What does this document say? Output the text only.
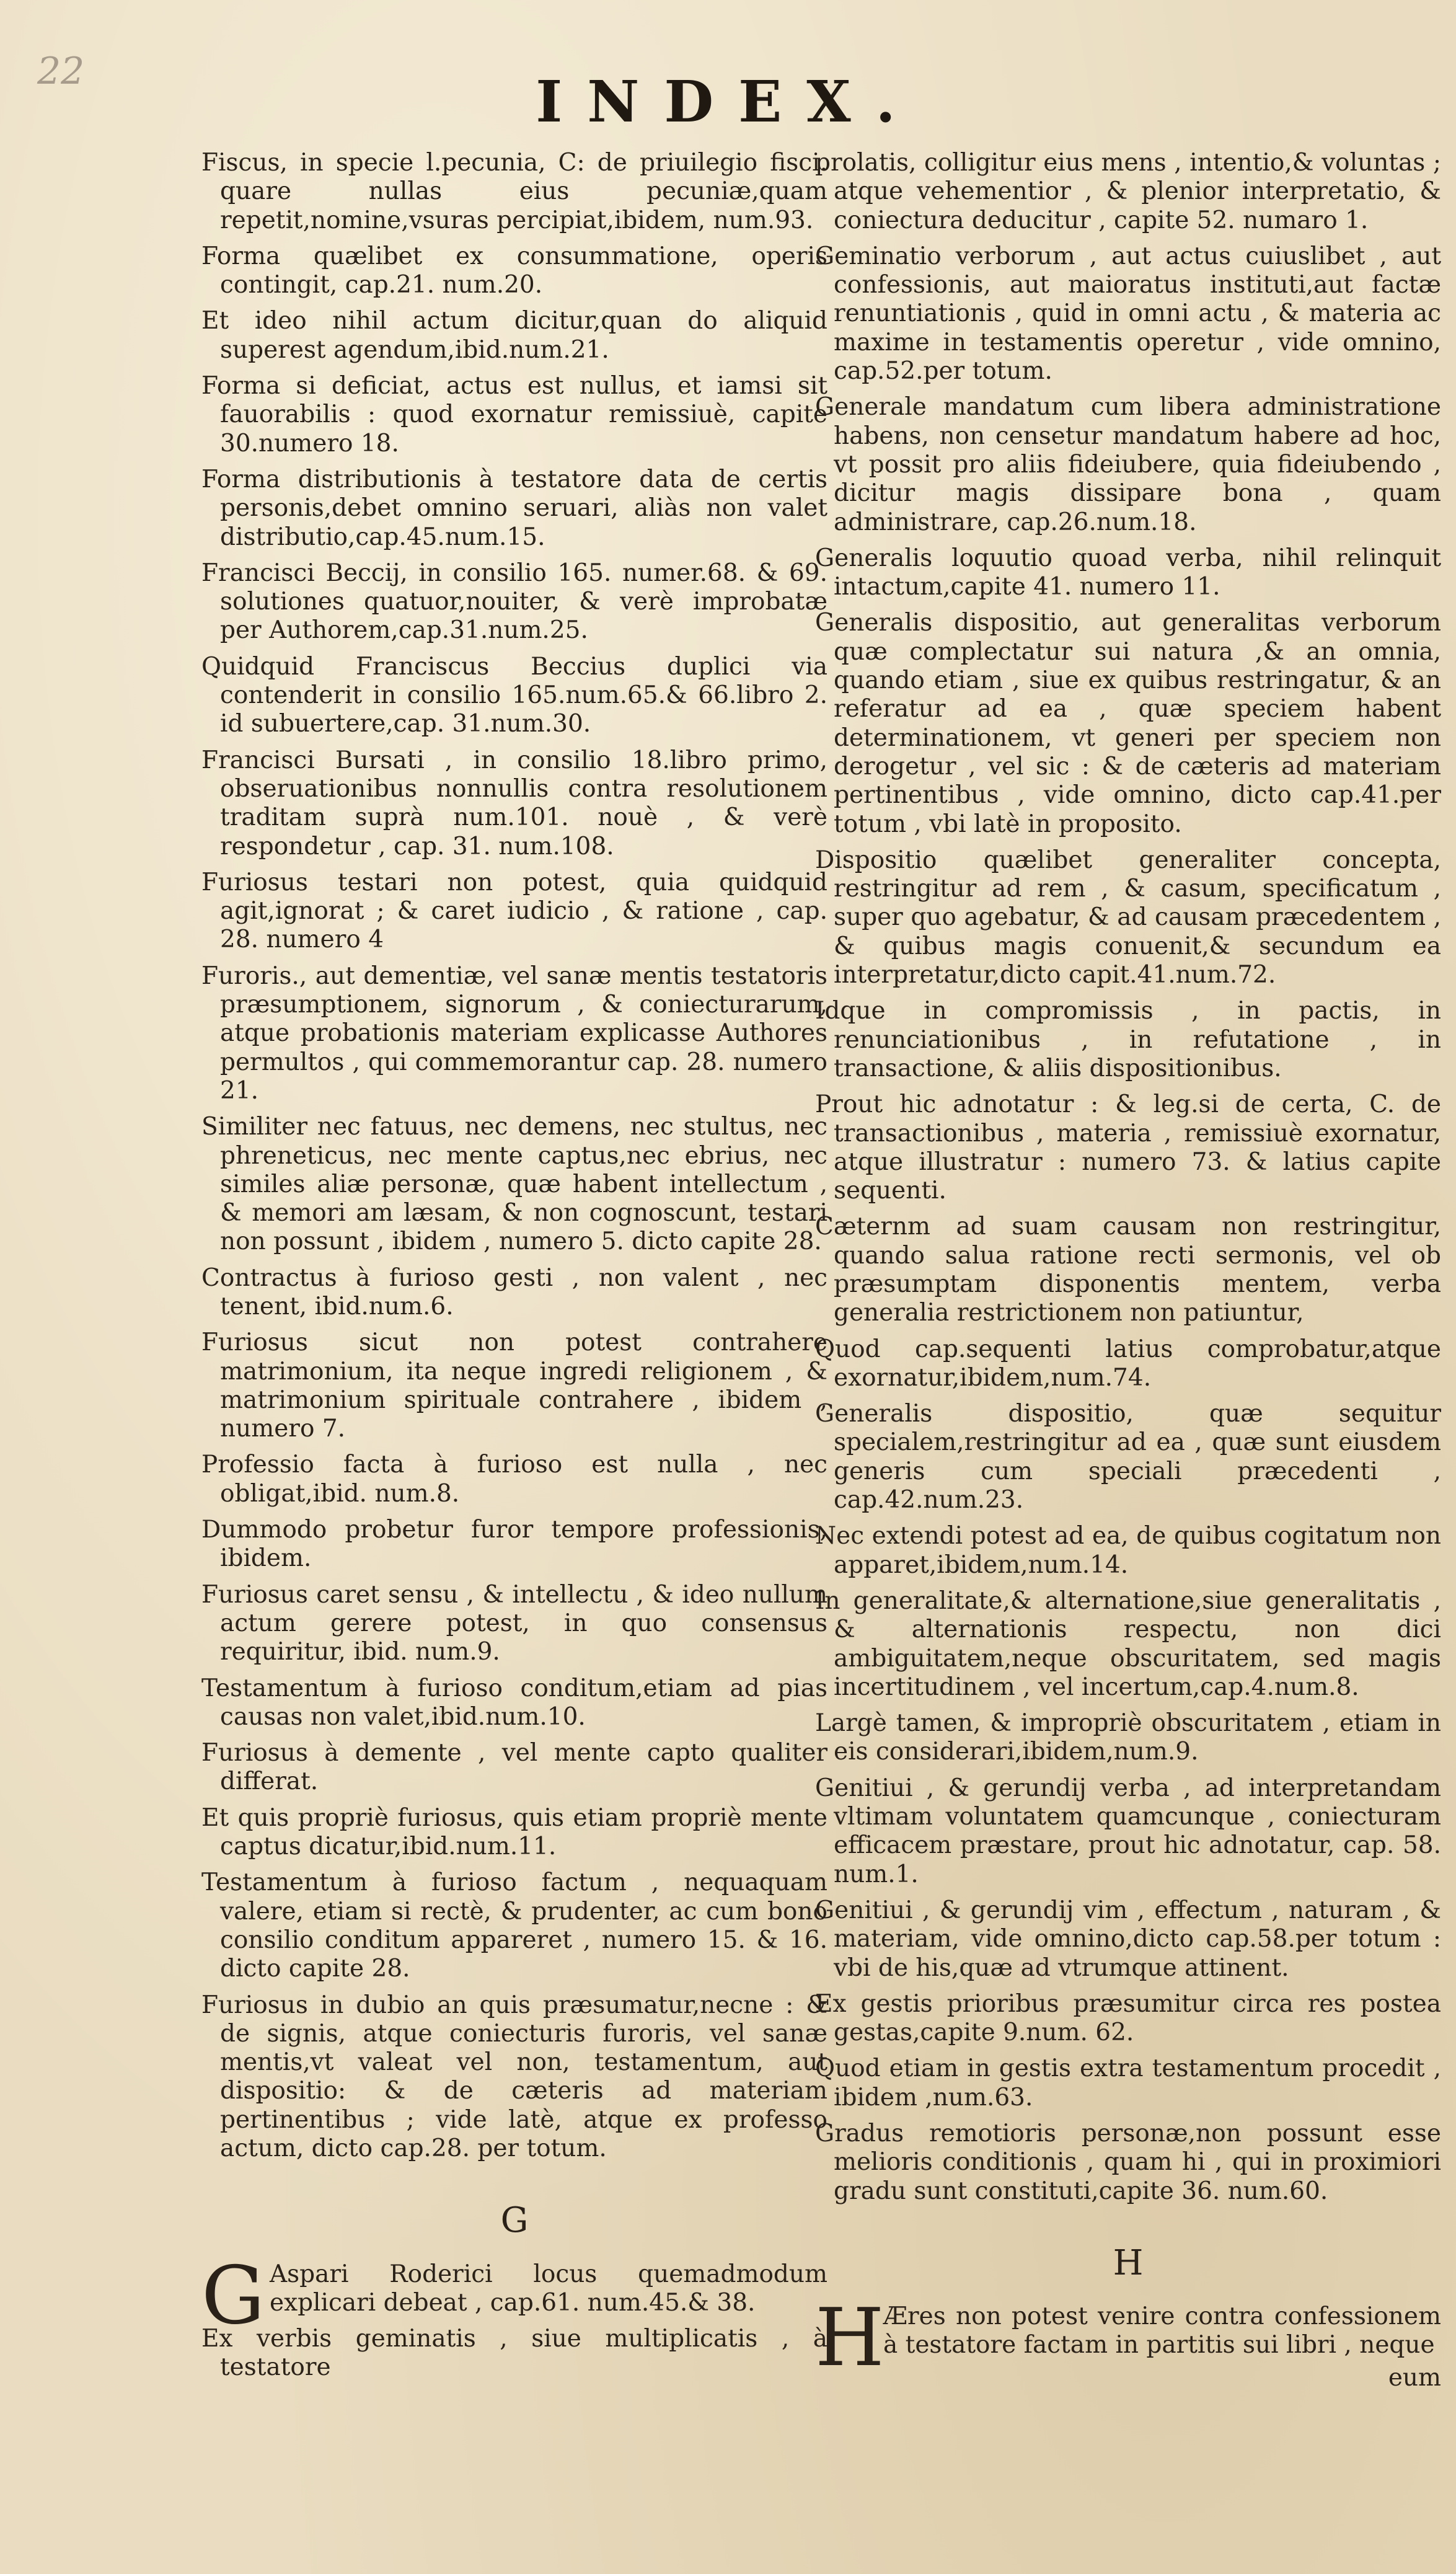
22	INDEX.
Fiscus, in specie l.pecunia, C: de priuilegio fisci. quare nullas eius pecuniæ,quam repetit,nomine,vsuras percipiat,ibidem, num.93.
Forma quælibet ex consummatione, operis contingit, cap.21. num.20.
Et ideo nihil actum dicitur,quan do aliquid superest agendum,ibid.num.21.
Forma si deficiat, actus est nullus, et iamsi sit fauorabilis : quod exornatur remissiuè, capite 30.numero 18.
Forma distributionis à testatore data de certis personis,debet omnino seruari, aliàs non valet distributio,cap.45.num.15.
Francisci Beccij, in consilio 165. numer.68. & 69. solutiones quatuor,nouiter, & verè improbatæ per Authorem,cap.31.num.25.
Quidquid Franciscus Beccius duplici via contenderit in consilio 165.num.65.& 66.libro 2. id subuertere,cap. 31.num.30.
Francisci Bursati , in consilio 18.libro primo, obseruationibus nonnullis contra resolutionem traditam suprà num.101. nouè , & verè respondetur , cap. 31. num.108.
Furiosus testari non potest, quia quidquid agit,ignorat ; & caret iudicio , & ratione , cap. 28. numero 4
Furoris., aut dementiæ, vel sanæ mentis testatoris præsumptionem, signorum , & coniecturarum, atque probationis materiam explicasse Authores permultos , qui commemorantur cap. 28. numero 21.
Similiter nec fatuus, nec demens, nec stultus, nec phreneticus, nec mente captus,nec ebrius, nec similes aliæ personæ, quæ habent intellectum , & memori am læsam, & non cognoscunt, testari non possunt , ibidem , numero 5. dicto capite 28.
Contractus à furioso gesti , non valent , nec tenent, ibid.num.6.
Furiosus sicut non potest contrahere matrimonium, ita neque ingredi religionem , & matrimonium spirituale contrahere , ibidem , numero 7.
Professio facta à furioso est nulla , nec obligat,ibid. num.8.
Dummodo probetur furor tempore professionis, ibidem.
Furiosus caret sensu , & intellectu , & ideo nullum actum gerere potest, in quo consensus requiritur, ibid. num.9.
Testamentum à furioso conditum,etiam ad pias causas non valet,ibid.num.10.
Furiosus à demente , vel mente capto qualiter differat.
Et quis propriè furiosus, quis etiam propriè mente captus dicatur,ibid.num.11.
Testamentum à furioso factum , nequaquam valere, etiam si rectè, & prudenter, ac cum bono consilio conditum appareret , numero 15. & 16. dicto capite 28.
Furiosus in dubio an quis præsumatur,necne : & de signis, atque coniecturis furoris, vel sanæ mentis,vt valeat vel non, testamentum, aut dispositio: & de cæteris ad materiam pertinentibus ; vide latè, atque ex professo actum, dicto cap.28. per totum.
G
G Aspari Roderici locus quemadmodum explicari debeat , cap.61. num.45.& 38.
Ex verbis geminatis , siue multiplicatis , à testatore
prolatis, colligitur eius mens , intentio,& voluntas ; atque vehementior , & plenior interpretatio, & coniectura deducitur , capite 52. numaro 1.
Geminatio verborum , aut actus cuiuslibet , aut confessionis, aut maioratus instituti,aut factæ renuntiationis , quid in omni actu , & materia ac maxime in testamentis operetur , vide omnino, cap.52.per totum.
Generale mandatum cum libera administratione habens, non censetur mandatum habere ad hoc, vt possit pro aliis fideiubere, quia fideiubendo , dicitur magis dissipare bona , quam administrare, cap.26.num.18.
Generalis loquutio quoad verba, nihil relinquit intactum,capite 41. numero 11.
Generalis dispositio, aut generalitas verborum quæ complectatur sui natura ,& an omnia, quando etiam , siue ex quibus restringatur, & an referatur ad ea , quæ speciem habent determinationem, vt generi per speciem non derogetur , vel sic : & de cæteris ad materiam pertinentibus , vide omnino, dicto cap.41.per totum , vbi latè in proposito.
Dispositio quælibet generaliter concepta, restringitur ad rem , & casum, specificatum , super quo agebatur, & ad causam præcedentem , & quibus magis conuenit,& secundum ea interpretatur,dicto capit.41.num.72.
Idque in compromissis , in pactis, in renunciationibus , in refutatione , in transactione, & aliis dispositionibus.
Prout hic adnotatur : & leg.si de certa, C. de transactionibus , materia , remissiuè exornatur, atque illustratur : numero 73. & latius capite sequenti.
Cæternm ad suam causam non restringitur, quando salua ratione recti sermonis, vel ob præsumptam disponentis mentem, verba generalia restrictionem non patiuntur,
Quod cap.sequenti latius comprobatur,atque exornatur,ibidem,num.74.
Generalis dispositio, quæ sequitur specialem,restringitur ad ea , quæ sunt eiusdem generis cum speciali præcedenti , cap.42.num.23.
Nec extendi potest ad ea, de quibus cogitatum non apparet,ibidem,num.14.
In generalitate,& alternatione,siue generalitatis , & alternationis respectu, non dici ambiguitatem,neque obscuritatem, sed magis incertitudinem , vel incertum,cap.4.num.8.
Largè tamen, & impropriè obscuritatem , etiam in eis considerari,ibidem,num.9.
Genitiui , & gerundij verba , ad interpretandam vltimam voluntatem quamcunque , coniecturam efficacem præstare, prout hic adnotatur, cap. 58. num.1.
Genitiui , & gerundij vim , effectum , naturam , & materiam, vide omnino,dicto cap.58.per totum : vbi de his,quæ ad vtrumque attinent.
Ex gestis prioribus præsumitur circa res postea gestas,capite 9.num. 62.
Quod etiam in gestis extra testamentum procedit , ibidem ,num.63.
Gradus remotioris personæ,non possunt esse melioris conditionis , quam hi , qui in proximiori gradu sunt constituti,capite 36. num.60.
H
H
Æres non potest venire contra confessionem à testatore factam in partitis sui libri , neque
eum
